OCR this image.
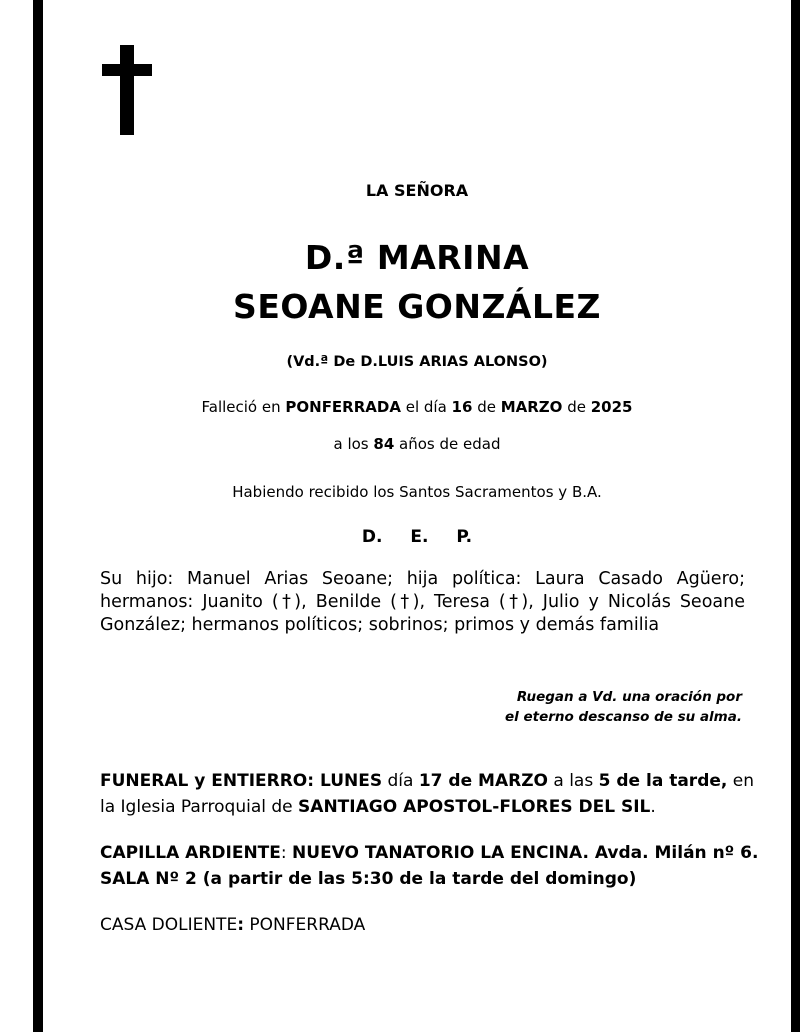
LA SEÑORA
D.ª MARINA
SEOANE GONZÁLEZ
(Vd.ª De D.LUIS ARIAS ALONSO)
Falleció en PONFERRADA el día 16 de MARZO de 2025
a los 84 años de edad
Habiendo recibido los Santos Sacramentos y B.A.
D. E. P.
Su hijo: Manuel Arias Seoane; hija política: Laura Casado Agüero;
hermanos: Juanito (†), Benilde (†), Teresa (†), Julio y Nicolás Seoane
González; hermanos políticos; sobrinos; primos y demás familia
Ruegan a Vd. una oración por
el eterno descanso de su alma.
FUNERAL y ENTIERRO: LUNES día 17 de MARZO a las 5 de la tarde, en
la Iglesia Parroquial de SANTIAGO APOSTOL-FLORES DEL SIL.
CAPILLA ARDIENTE: NUEVO TANATORIO LA ENCINA. Avda. Milán nº 6.
SALA Nº 2 (a partir de las 5:30 de la tarde del domingo)
CASA DOLIENTE: PONFERRADA
